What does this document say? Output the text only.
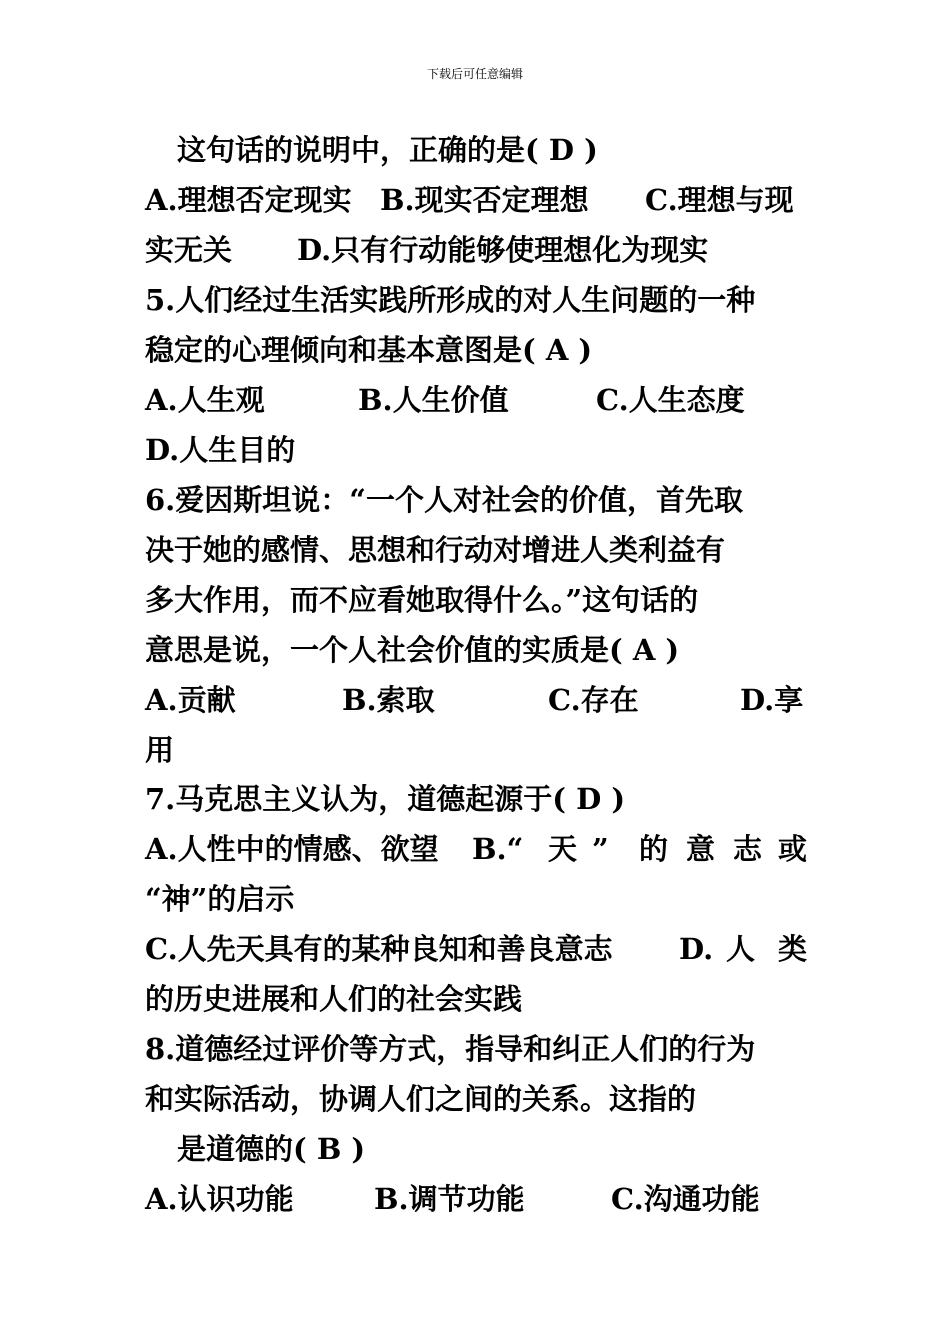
下载后可任意编辑
这句话的说明中，正确的是( D )
A.理想否定现实 B.现实否定理想 C.理想与现
实无关 D.只有行动能够使理想化为现实
5.人们经过生活实践所形成的对人生问题的一种
稳定的心理倾向和基本意图是( A )
A.人生观	B.人生价值	C.人生态度
D.人生目的
6.爱因斯坦说：“一个人对社会的价值，首先取
决于她的感情、思想和行动对增进人类利益有
多大作用，而不应看她取得什么。”这句话的
意思是说，一个人社会价值的实质是( A )
A.贡献	B.索取	C.存在	D.享
用
7.马克思主义认为，道德起源于( D )
A.人性中的情感、欲望 B.“ 天 ” 的 意 志 或
“神”的启示
C.人先天具有的某种良知和善良意志 D. 人 类
的历史进展和人们的社会实践
8.道德经过评价等方式，指导和纠正人们的行为
和实际活动，协调人们之间的关系。这指的
是道德的( B )
A.认识功能	B.调节功能	C.沟通功能
